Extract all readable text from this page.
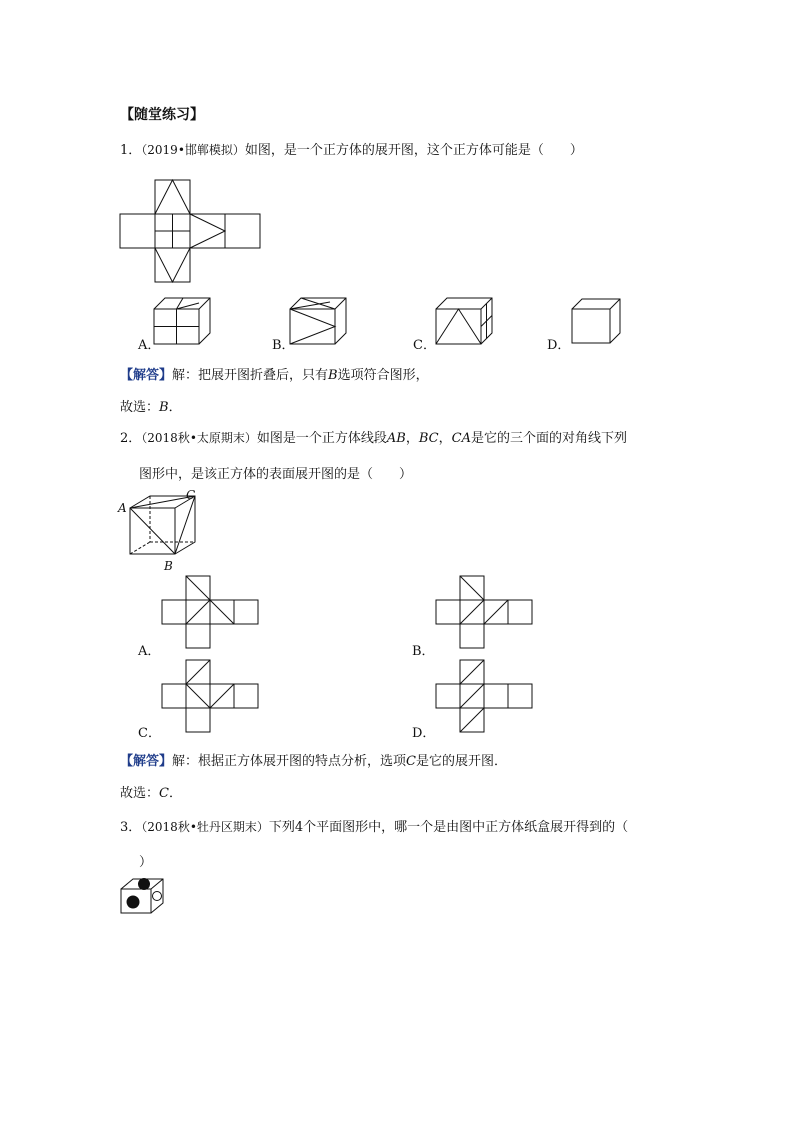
【随堂练习】
1．（2019•邯郸模拟）如图，是一个正方体的展开图，这个正方体可能是（　　）
A．	B．	C．	D．
【解答】解：把展开图折叠后，只有B选项符合图形，
故选：B．
2．（2018秋•太原期末）如图是一个正方体线段AB，BC，CA是它的三个面的对角线下列
图形中，是该正方体的表面展开图的是（　　）
A
C
B
A．	B．
C．	D．
【解答】解：根据正方体展开图的特点分析，选项C是它的展开图．
故选：C．
3．（2018秋•牡丹区期末）下列4个平面图形中，哪一个是由图中正方体纸盒展开得到的（
）
